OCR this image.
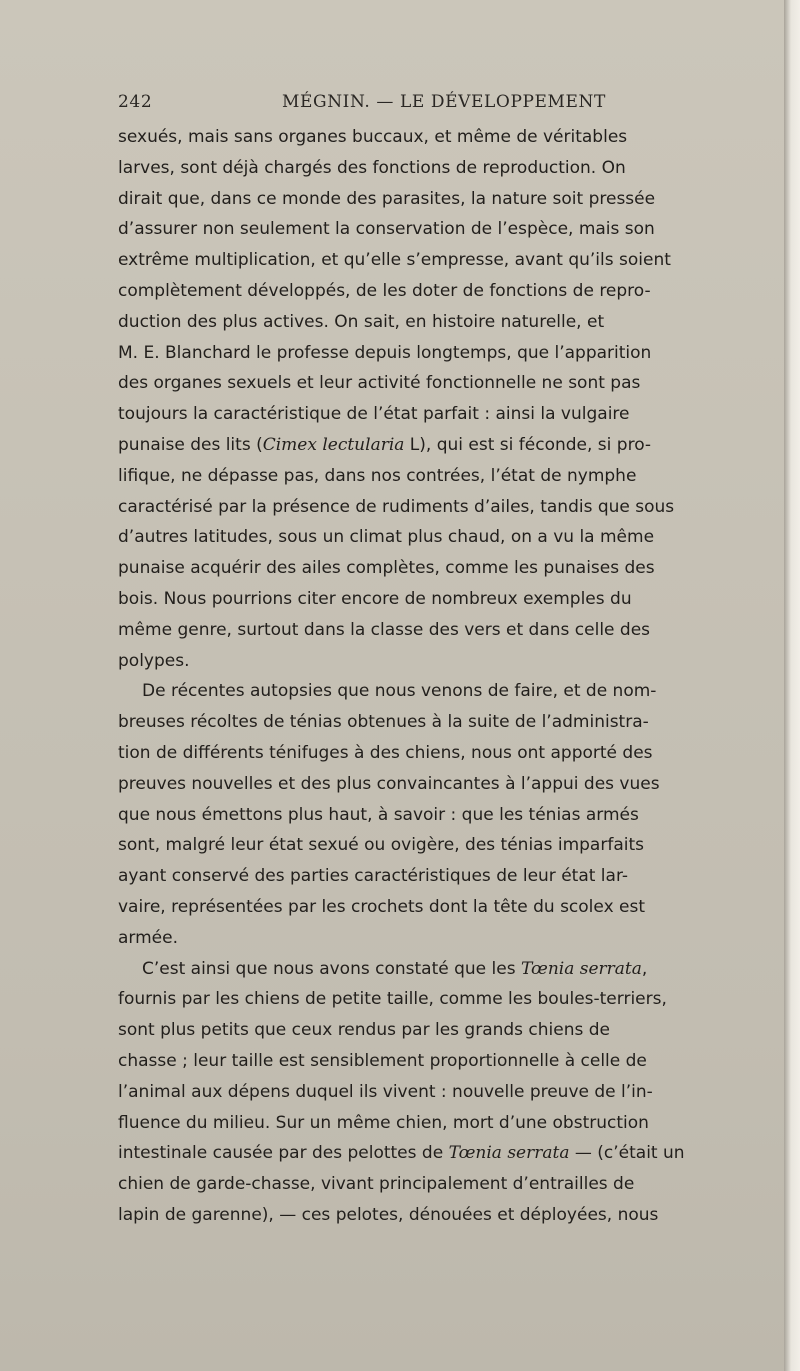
242	MÉGNIN. — LE DÉVELOPPEMENT
sexués, mais sans organes buccaux, et même de véritables
larves, sont déjà chargés des fonctions de reproduction. On
dirait que, dans ce monde des parasites, la nature soit pressée
d’assurer non seulement la conservation de l’espèce, mais son
extrême multiplication, et qu’elle s’empresse, avant qu’ils soient
complètement développés, de les doter de fonctions de repro-
duction des plus actives. On sait, en histoire naturelle, et
M. E. Blanchard le professe depuis longtemps, que l’apparition
des organes sexuels et leur activité fonctionnelle ne sont pas
toujours la caractéristique de l’état parfait : ainsi la vulgaire
punaise des lits (Cimex lectularia L), qui est si féconde, si pro-
lifique, ne dépasse pas, dans nos contrées, l’état de nymphe
caractérisé par la présence de rudiments d’ailes, tandis que sous
d’autres latitudes, sous un climat plus chaud, on a vu la même
punaise acquérir des ailes complètes, comme les punaises des
bois. Nous pourrions citer encore de nombreux exemples du
même genre, surtout dans la classe des vers et dans celle des
polypes.
De récentes autopsies que nous venons de faire, et de nom-
breuses récoltes de ténias obtenues à la suite de l’administra-
tion de différents ténifuges à des chiens, nous ont apporté des
preuves nouvelles et des plus convaincantes à l’appui des vues
que nous émettons plus haut, à savoir : que les ténias armés
sont, malgré leur état sexué ou ovigère, des ténias imparfaits
ayant conservé des parties caractéristiques de leur état lar-
vaire, représentées par les crochets dont la tête du scolex est
armée.
C’est ainsi que nous avons constaté que les Tœnia serrata,
fournis par les chiens de petite taille, comme les boules-terriers,
sont plus petits que ceux rendus par les grands chiens de
chasse ; leur taille est sensiblement proportionnelle à celle de
l’animal aux dépens duquel ils vivent : nouvelle preuve de l’in-
fluence du milieu. Sur un même chien, mort d’une obstruction
intestinale causée par des pelottes de Tœnia serrata — (c’était un
chien de garde-chasse, vivant principalement d’entrailles de
lapin de garenne), — ces pelotes, dénouées et déployées, nous
